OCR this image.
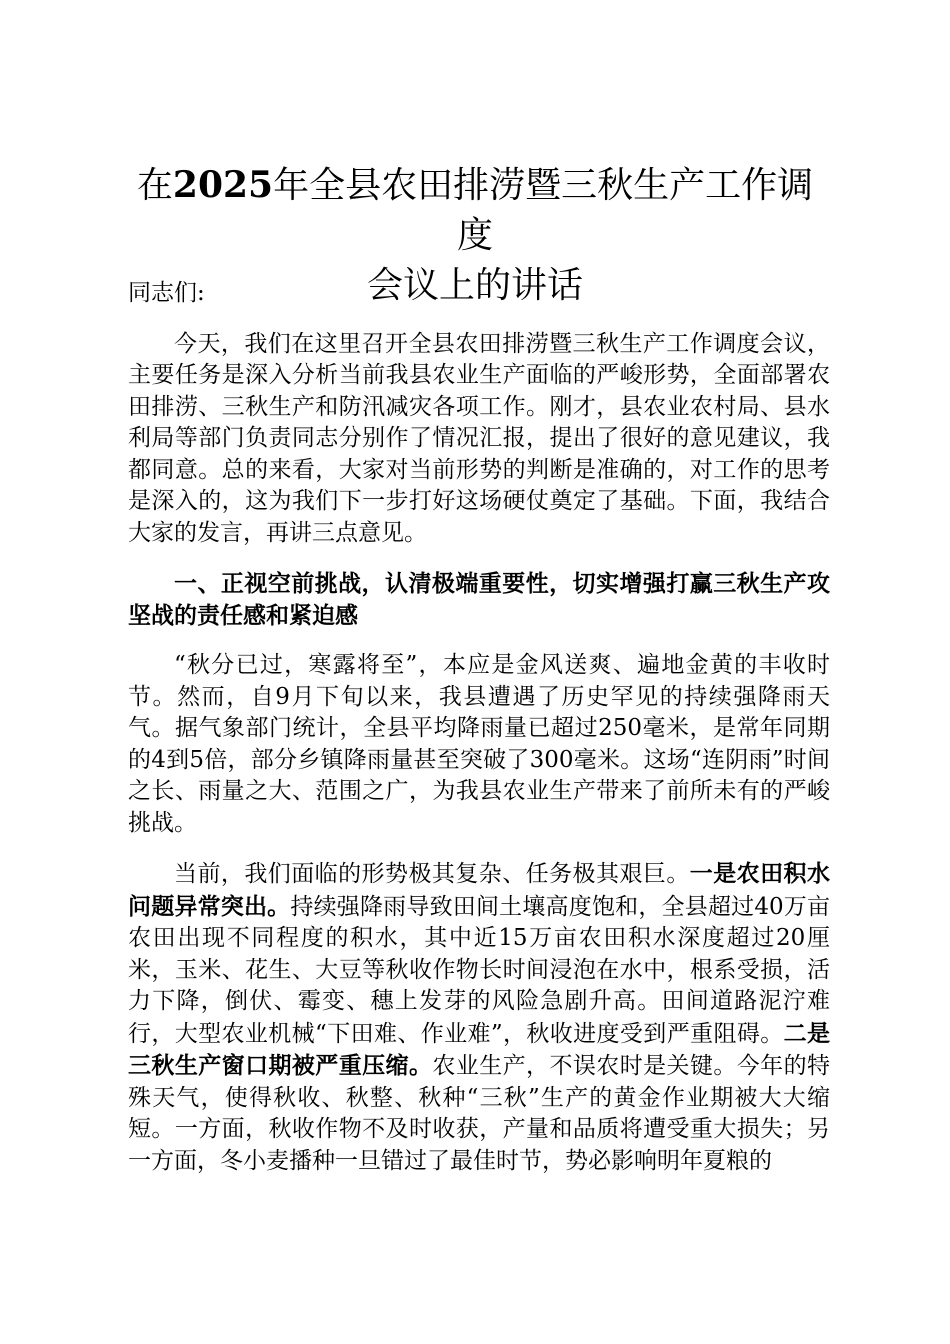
在2025年全县农田排涝暨三秋生产工作调度
会议上的讲话

同志们:

今天，我们在这里召开全县农田排涝暨三秋生产工作调度会议，主要任务是深入分析当前我县农业生产面临的严峻形势，全面部署农田排涝、三秋生产和防汛减灾各项工作。刚才，县农业农村局、县水利局等部门负责同志分别作了情况汇报，提出了很好的意见建议，我都同意。总的来看，大家对当前形势的判断是准确的，对工作的思考是深入的，这为我们下一步打好这场硬仗奠定了基础。下面，我结合大家的发言，再讲三点意见。

一、正视空前挑战，认清极端重要性，切实增强打赢三秋生产攻坚战的责任感和紧迫感

“秋分已过，寒露将至”，本应是金风送爽、遍地金黄的丰收时节。然而，自9月下旬以来，我县遭遇了历史罕见的持续强降雨天气。据气象部门统计，全县平均降雨量已超过250毫米，是常年同期的4到5倍，部分乡镇降雨量甚至突破了300毫米。这场“连阴雨”时间之长、雨量之大、范围之广，为我县农业生产带来了前所未有的严峻挑战。

当前，我们面临的形势极其复杂、任务极其艰巨。一是农田积水问题异常突出。持续强降雨导致田间土壤高度饱和，全县超过40万亩农田出现不同程度的积水，其中近15万亩农田积水深度超过20厘米，玉米、花生、大豆等秋收作物长时间浸泡在水中，根系受损，活力下降，倒伏、霉变、穗上发芽的风险急剧升高。田间道路泥泞难行，大型农业机械“下田难、作业难”，秋收进度受到严重阻碍。二是三秋生产窗口期被严重压缩。农业生产，不误农时是关键。今年的特殊天气，使得秋收、秋整、秋种“三秋”生产的黄金作业期被大大缩短。一方面，秋收作物不及时收获，产量和品质将遭受重大损失；另一方面，冬小麦播种一旦错过了最佳时节，势必影响明年夏粮的
